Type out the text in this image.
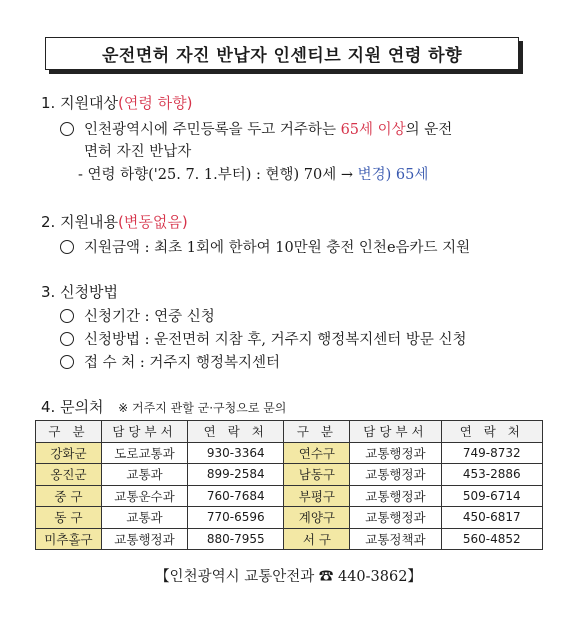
운전면허 자진 반납자 인센티브 지원 연령 하향
1. 지원대상(연령 하향)
인천광역시에 주민등록을 두고 거주하는 65세 이상의 운전
면허 자진 반납자
- 연령 하향('25. 7. 1.부터) : 현행) 70세 → 변경) 65세
2. 지원내용(변동없음)
지원금액 : 최초 1회에 한하여 10만원 충전 인천e음카드 지원
3. 신청방법
신청기간 : 연중 신청
신청방법 : 운전면허 지참 후, 거주지 행정복지센터 방문 신청
접 수 처 : 거주지 행정복지센터
4. 문의처 ※ 거주지 관할 군·구청으로 문의
구 분	담당부서	연 락 처	구 분	담당부서	연 락 처
강화군	도로교통과	930-3364	연수구	교통행정과	749-8732
옹진군	교통과	899-2584	남동구	교통행정과	453-2886
중 구	교통운수과	760-7684	부평구	교통행정과	509-6714
동 구	교통과	770-6596	계양구	교통행정과	450-6817
미추홀구	교통행정과	880-7955	서 구	교통정책과	560-4852
【인천광역시 교통안전과 ☎ 440-3862】
